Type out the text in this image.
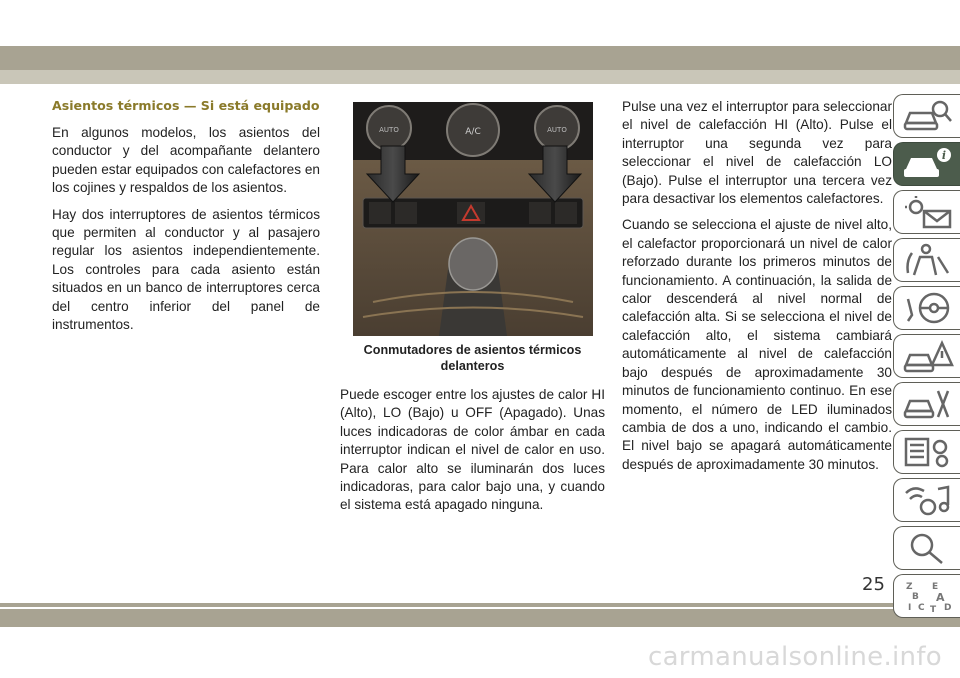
Asientos térmicos — Si está equipado

En algunos modelos, los asientos del conductor y del acompañante delantero pueden estar equipados con calefactores en los cojines y respaldos de los asientos.

Hay dos interruptores de asientos térmicos que permiten al conductor y al pasajero regular los asientos independientemente. Los controles para cada asiento están situados en un banco de interruptores cerca del centro inferior del panel de instrumentos.

A/C
AUTO	AUTO
Conmutadores de asientos térmicos
delanteros

Puede escoger entre los ajustes de calor HI (Alto), LO (Bajo) u OFF (Apagado). Unas luces indicadoras de color ámbar en cada interruptor indican el nivel de calor en uso. Para calor alto se iluminarán dos luces indicadoras, para calor bajo una, y cuando el sistema está apagado ninguna.

Pulse una vez el interruptor para seleccionar el nivel de calefacción HI (Alto). Pulse el interruptor una segunda vez para seleccionar el nivel de calefacción LO (Bajo). Pulse el interruptor una tercera vez para desactivar los elementos calefactores.

Cuando se selecciona el ajuste de nivel alto, el calefactor proporcionará un nivel de calor reforzado durante los primeros minutos de funcionamiento. A continuación, la salida de calor descenderá al nivel normal de calefacción alta. Si se selecciona el nivel de calefacción alto, el sistema cambiará automáticamente al nivel de calefacción bajo después de aproximadamente 30 minutos de funcionamiento continuo. En ese momento, el número de LED iluminados cambia de dos a uno, indicando el cambio. El nivel bajo se apagará automáticamente después de aproximadamente 30 minutos.

i
Z E
B A
I C T D
25
carmanualsonline.info
